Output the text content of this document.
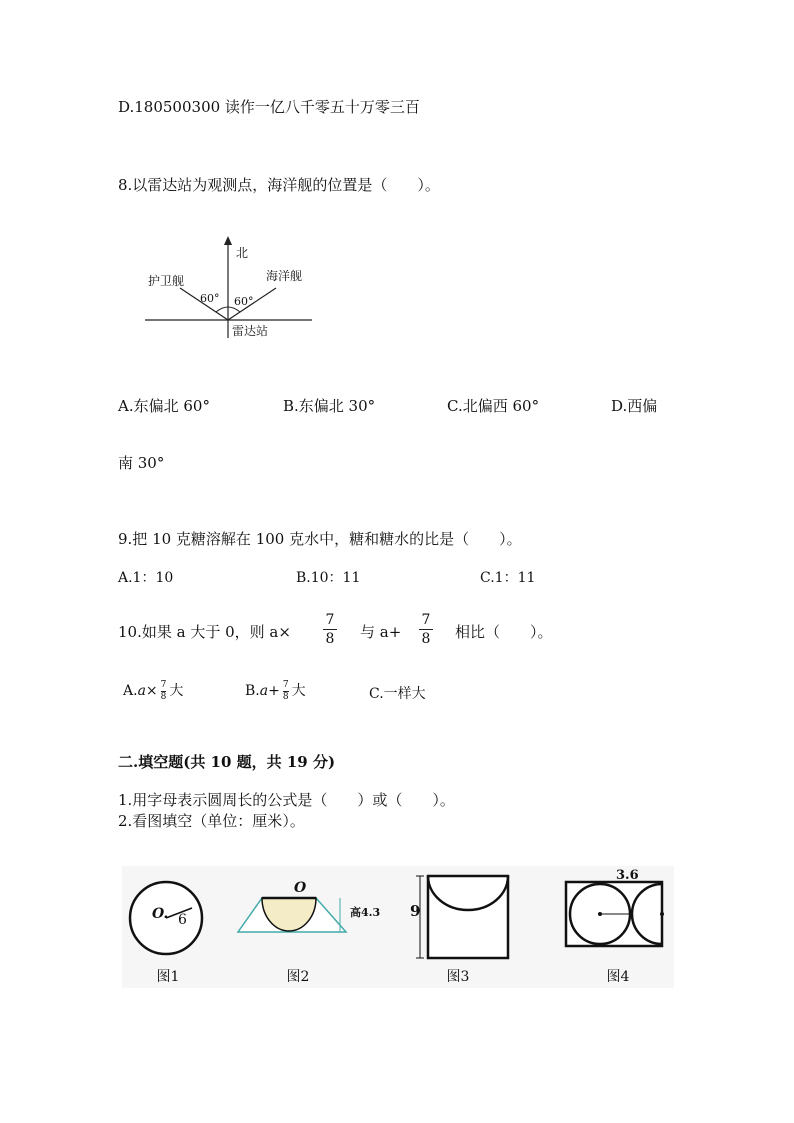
D.180500300 读作一亿八千零五十万零三百
8.以雷达站为观测点，海洋舰的位置是（　　）。
北
护卫舰	海洋舰
60° 60°
雷达站
A.东偏北 60°	B.东偏北 30°	C.北偏西 60°	D.西偏
南 30°
9.把 10 克糖溶解在 100 克水中，糖和糖水的比是（　　）。
A.1：10	B.10：11	C.1：11
10.如果 a 大于 0，则 a×
7
8 与 a+
7
8 相比（　　）。
$A.a\times \frac{7}{8}$ 大	$B.a+ \frac{7}{8}$ 大	C.一样大
二.填空题(共 10 题，共 19 分)
1.用字母表示圆周长的公式是（　　）或（　　）。
2.看图填空（单位：厘米）。
O. 6
O
高4.3 9
3.6
图1	图2	图3	图4
